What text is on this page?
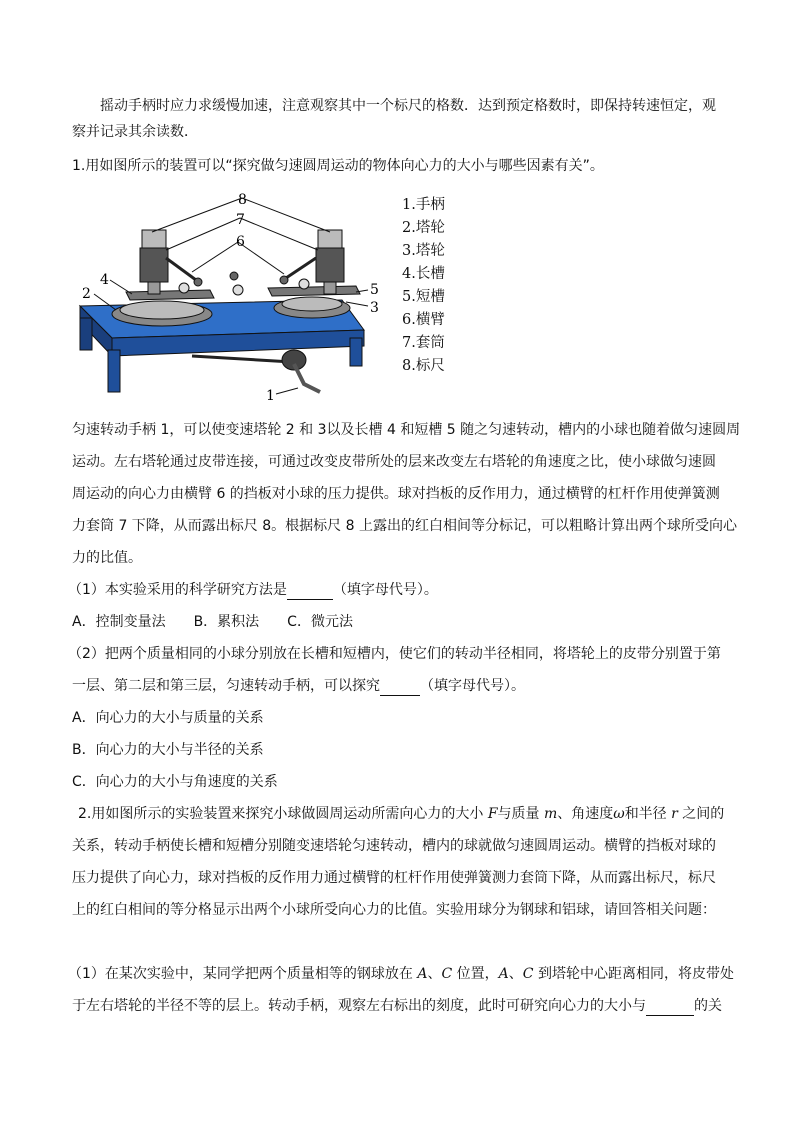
摇动手柄时应力求缓慢加速，注意观察其中一个标尺的格数．达到预定格数时，即保持转速恒定，观
察并记录其余读数．
1.用如图所示的装置可以“探究做匀速圆周运动的物体向心力的大小与哪些因素有关”。
8
7
6
4
2	5
3
1
1.手柄
2.塔轮
3.塔轮
4.长槽
5.短槽
6.横臂
7.套筒
8.标尺
匀速转动手柄 1，可以使变速塔轮 2 和 3以及长槽 4 和短槽 5 随之匀速转动，槽内的小球也随着做匀速圆周
运动。左右塔轮通过皮带连接，可通过改变皮带所处的层来改变左右塔轮的角速度之比，使小球做匀速圆
周运动的向心力由横臂 6 的挡板对小球的压力提供。球对挡板的反作用力，通过横臂的杠杆作用使弹簧测
力套筒 7 下降，从而露出标尺 8。根据标尺 8 上露出的红白相间等分标记，可以粗略计算出两个球所受向心
力的比值。
（1）本实验采用的科学研究方法是	（填字母代号）。
A．控制变量法　　B．累积法　　C．微元法
（2）把两个质量相同的小球分别放在长槽和短槽内，使它们的转动半径相同，将塔轮上的皮带分别置于第
一层、第二层和第三层，匀速转动手柄，可以探究	（填字母代号）。
A．向心力的大小与质量的关系
B．向心力的大小与半径的关系
C．向心力的大小与角速度的关系
2.用如图所示的实验装置来探究小球做圆周运动所需向心力的大小 F与质量 m、角速度ω和半径 r 之间的
关系，转动手柄使长槽和短槽分别随变速塔轮匀速转动，槽内的球就做匀速圆周运动。横臂的挡板对球的
压力提供了向心力，球对挡板的反作用力通过横臂的杠杆作用使弹簧测力套筒下降，从而露出标尺，标尺
上的红白相间的等分格显示出两个小球所受向心力的比值。实验用球分为钢球和铝球，请回答相关问题：
（1）在某次实验中，某同学把两个质量相等的钢球放在 A、C 位置，A、C 到塔轮中心距离相同，将皮带处
于左右塔轮的半径不等的层上。转动手柄，观察左右标出的刻度，此时可研究向心力的大小与	的关
